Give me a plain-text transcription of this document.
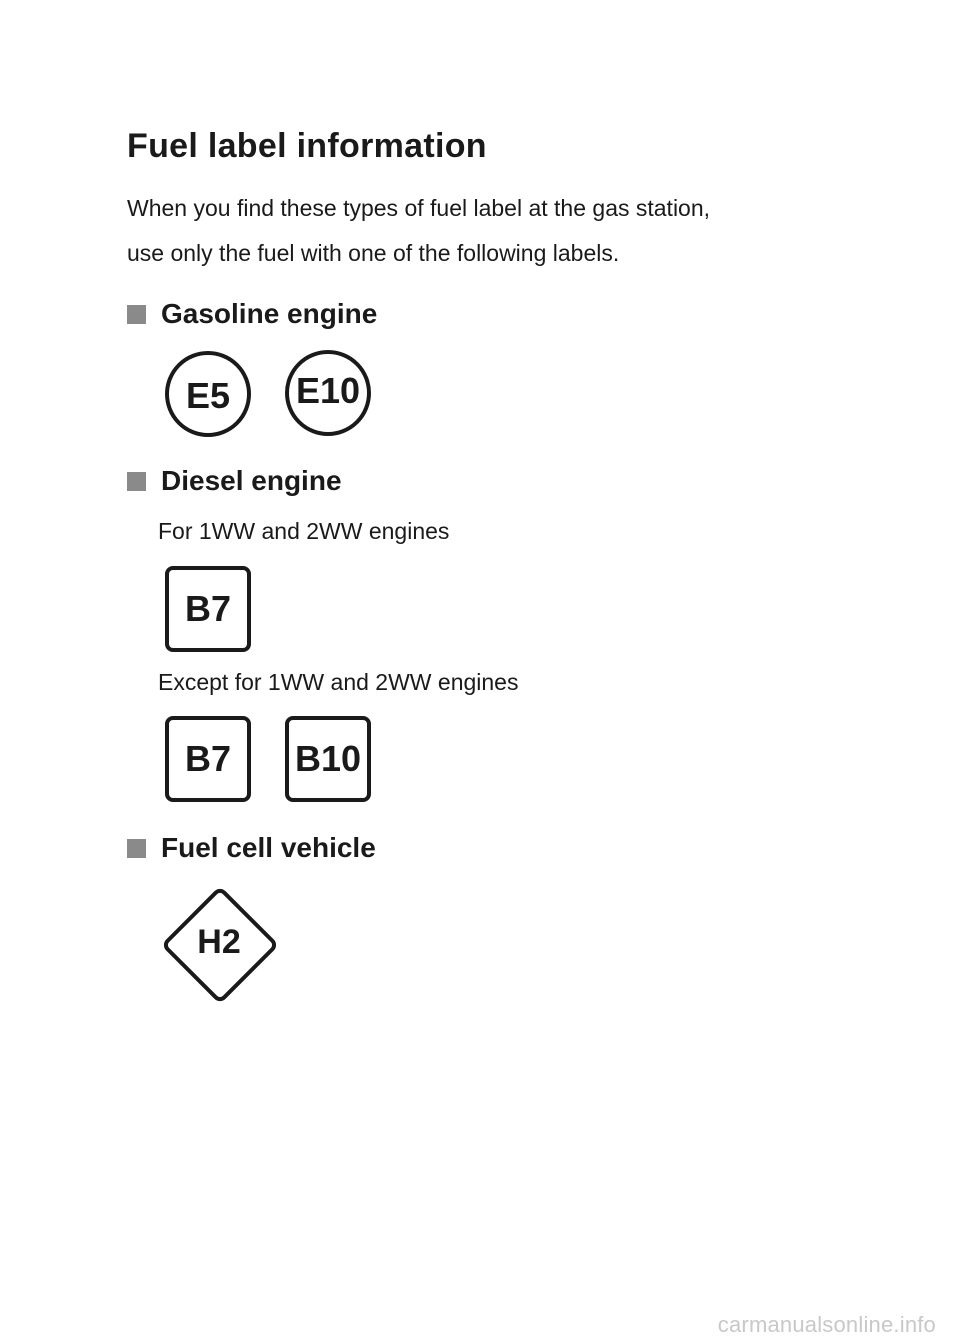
Fuel label information

When you find these types of fuel label at the gas station,

use only the fuel with one of the following labels.

Gasoline engine
E5 E10
Diesel engine

For 1WW and 2WW engines

B7

Except for 1WW and 2WW engines

B7 B10
Fuel cell vehicle
H2
carmanualsonline.info
